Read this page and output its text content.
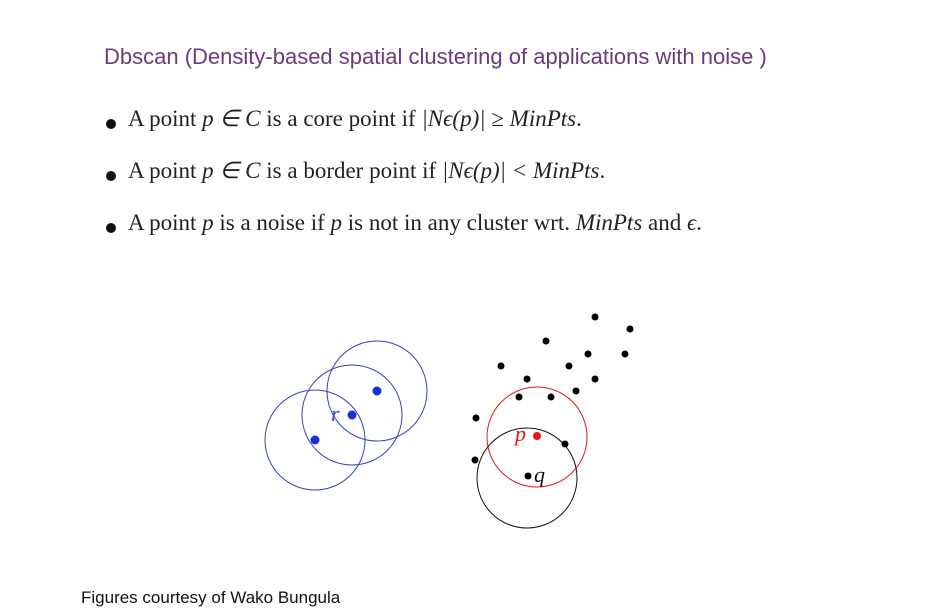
Dbscan (Density-based spatial clustering of applications with noise )
A point p ∈ C is a core point if |Nϵ(p)| ≥ MinPts.
A point p ∈ C is a border point if |Nϵ(p)| < MinPts.
A point p is a noise if p is not in any cluster wrt. MinPts and ϵ.
r
p
q
Figures courtesy of Wako Bungula
